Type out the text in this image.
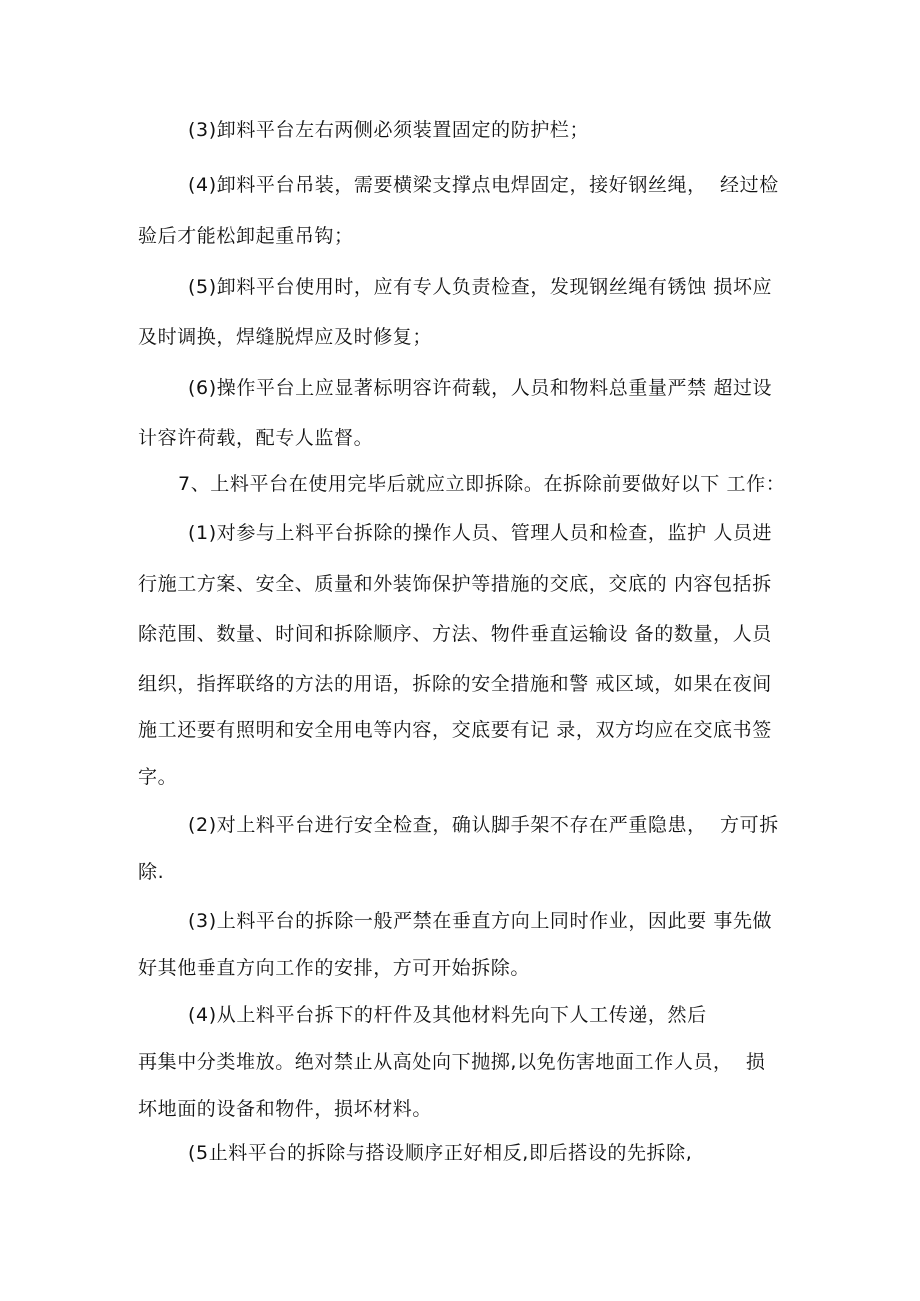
(3)卸料平台左右两侧必须装置固定的防护栏；
(4)卸料平台吊装，需要横梁支撑点电焊固定，接好钢丝绳，  经过检
验后才能松卸起重吊钩；
(5)卸料平台使用时，应有专人负责检查，发现钢丝绳有锈蚀 损坏应
及时调换，焊缝脱焊应及时修复；
(6)操作平台上应显著标明容许荷载，人员和物料总重量严禁 超过设
计容许荷载，配专人监督。
7、上料平台在使用完毕后就应立即拆除。在拆除前要做好以下 工作：
(1)对参与上料平台拆除的操作人员、管理人员和检查，监护 人员进
行施工方案、安全、质量和外装饰保护等措施的交底，交底的 内容包括拆
除范围、数量、时间和拆除顺序、方法、物件垂直运输设 备的数量，人员
组织，指挥联络的方法的用语，拆除的安全措施和警 戒区域，如果在夜间
施工还要有照明和安全用电等内容，交底要有记 录，双方均应在交底书签
字。
(2)对上料平台进行安全检查，确认脚手架不存在严重隐患，  方可拆
除.
(3)上料平台的拆除一般严禁在垂直方向上同时作业，因此要 事先做
好其他垂直方向工作的安排，方可开始拆除。
(4)从上料平台拆下的杆件及其他材料先向下人工传递，然后
再集中分类堆放。绝对禁止从高处向下抛掷,以免伤害地面工作人员，  损
坏地面的设备和物件，损坏材料。
(5止料平台的拆除与搭设顺序正好相反,即后搭设的先拆除,
